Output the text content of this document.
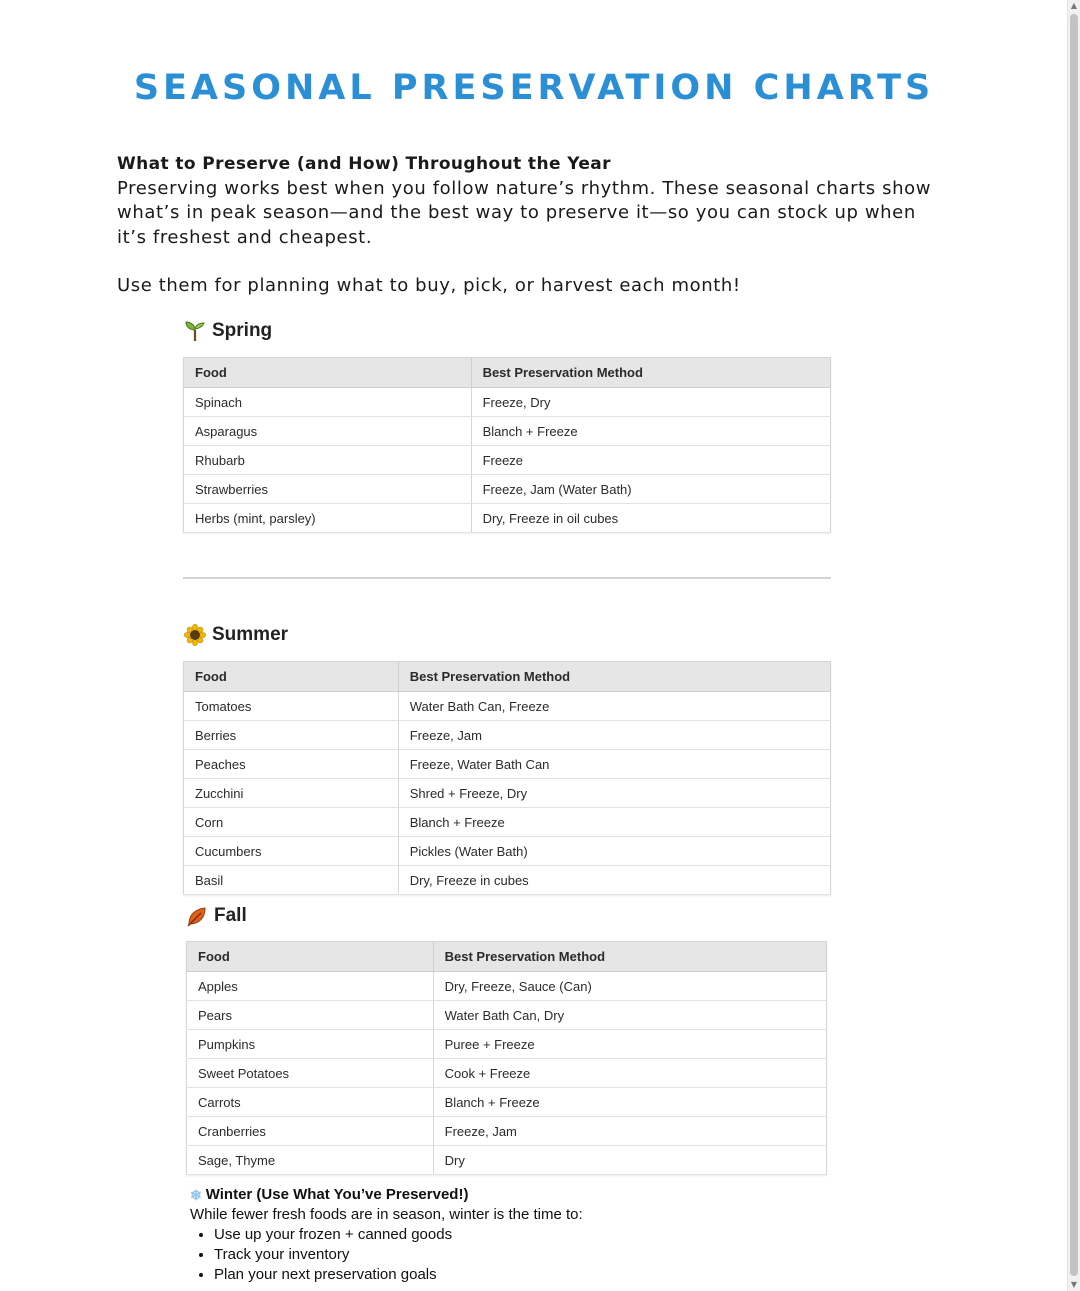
SEASONAL PRESERVATION CHARTS

What to Preserve (and How) Throughout the Year

Preserving works best when you follow nature’s rhythm. These seasonal charts show what’s in peak season—and the best way to preserve it—so you can stock up when it’s freshest and cheapest.

Use them for planning what to buy, pick, or harvest each month!

Spring
Food	Best Preservation Method
Spinach	Freeze, Dry
Asparagus	Blanch + Freeze
Rhubarb	Freeze
Strawberries	Freeze, Jam (Water Bath)
Herbs (mint, parsley)	Dry, Freeze in oil cubes
Summer
Food	Best Preservation Method
Tomatoes	Water Bath Can, Freeze
Berries	Freeze, Jam
Peaches	Freeze, Water Bath Can
Zucchini	Shred + Freeze, Dry
Corn	Blanch + Freeze
Cucumbers	Pickles (Water Bath)
Basil	Dry, Freeze in cubes
Fall
Food	Best Preservation Method
Apples	Dry, Freeze, Sauce (Can)
Pears	Water Bath Can, Dry
Pumpkins	Puree + Freeze
Sweet Potatoes	Cook + Freeze
Carrots	Blanch + Freeze
Cranberries	Freeze, Jam
Sage, Thyme	Dry
❄ Winter (Use What You’ve Preserved!)
While fewer fresh foods are in season, winter is the time to:
• Use up your frozen + canned goods
• Track your inventory
• Plan your next preservation goals
▲
▼
